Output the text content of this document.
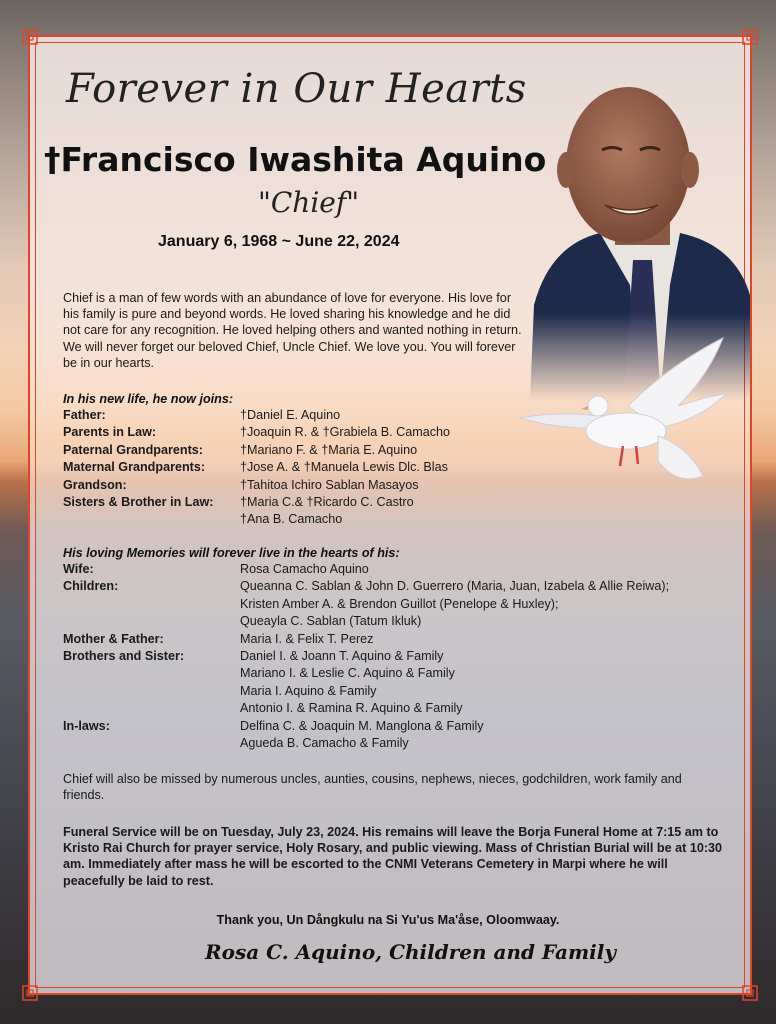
Forever in Our Hearts
†Francisco Iwashita Aquino
"Chief"
January 6, 1968 ~ June 22, 2024
Chief is a man of few words with an abundance of love for everyone. His love for his family is pure and beyond words. He loved sharing his knowledge and he did not care for any recognition. He loved helping others and wanted nothing in return. We will never forget our beloved Chief, Uncle Chief. We love you. You will forever be in our hearts.
In his new life, he now joins:
Father:	†Daniel E. Aquino
Parents in Law:	†Joaquin R. & †Grabiela B. Camacho
Paternal Grandparents:	†Mariano F. & †Maria E. Aquino
Maternal Grandparents:	†Jose A. & †Manuela Lewis Dlc. Blas
Grandson:	†Tahitoa Ichiro Sablan Masayos
Sisters & Brother in Law:	†Maria C.& †Ricardo C. Castro
†Ana B. Camacho
His loving Memories will forever live in the hearts of his:
Wife:	Rosa Camacho Aquino
Children:	Queanna C. Sablan & John D. Guerrero (Maria, Juan, Izabela & Allie Reiwa);
Kristen Amber A. & Brendon Guillot (Penelope & Huxley);
Queayla C. Sablan (Tatum Ikluk)
Mother & Father:	Maria I. & Felix T. Perez
Brothers and Sister:	Daniel I. & Joann T. Aquino & Family
Mariano I. & Leslie C. Aquino & Family
Maria I. Aquino & Family
Antonio I. & Ramina R. Aquino & Family
In-laws:	Delfina C. & Joaquin M. Manglona & Family
Agueda B. Camacho & Family
Chief will also be missed by numerous uncles, aunties, cousins, nephews, nieces, godchildren, work family and friends.
Funeral Service will be on Tuesday, July 23, 2024. His remains will leave the Borja Funeral Home at 7:15 am to Kristo Rai Church for prayer service, Holy Rosary, and public viewing. Mass of Christian Burial will be at 10:30 am. Immediately after mass he will be escorted to the CNMI Veterans Cemetery in Marpi where he will peacefully be laid to rest.
Thank you, Un Dångkulu na Si Yu'us Ma'åse, Oloomwaay.
Rosa C. Aquino, Children and Family
